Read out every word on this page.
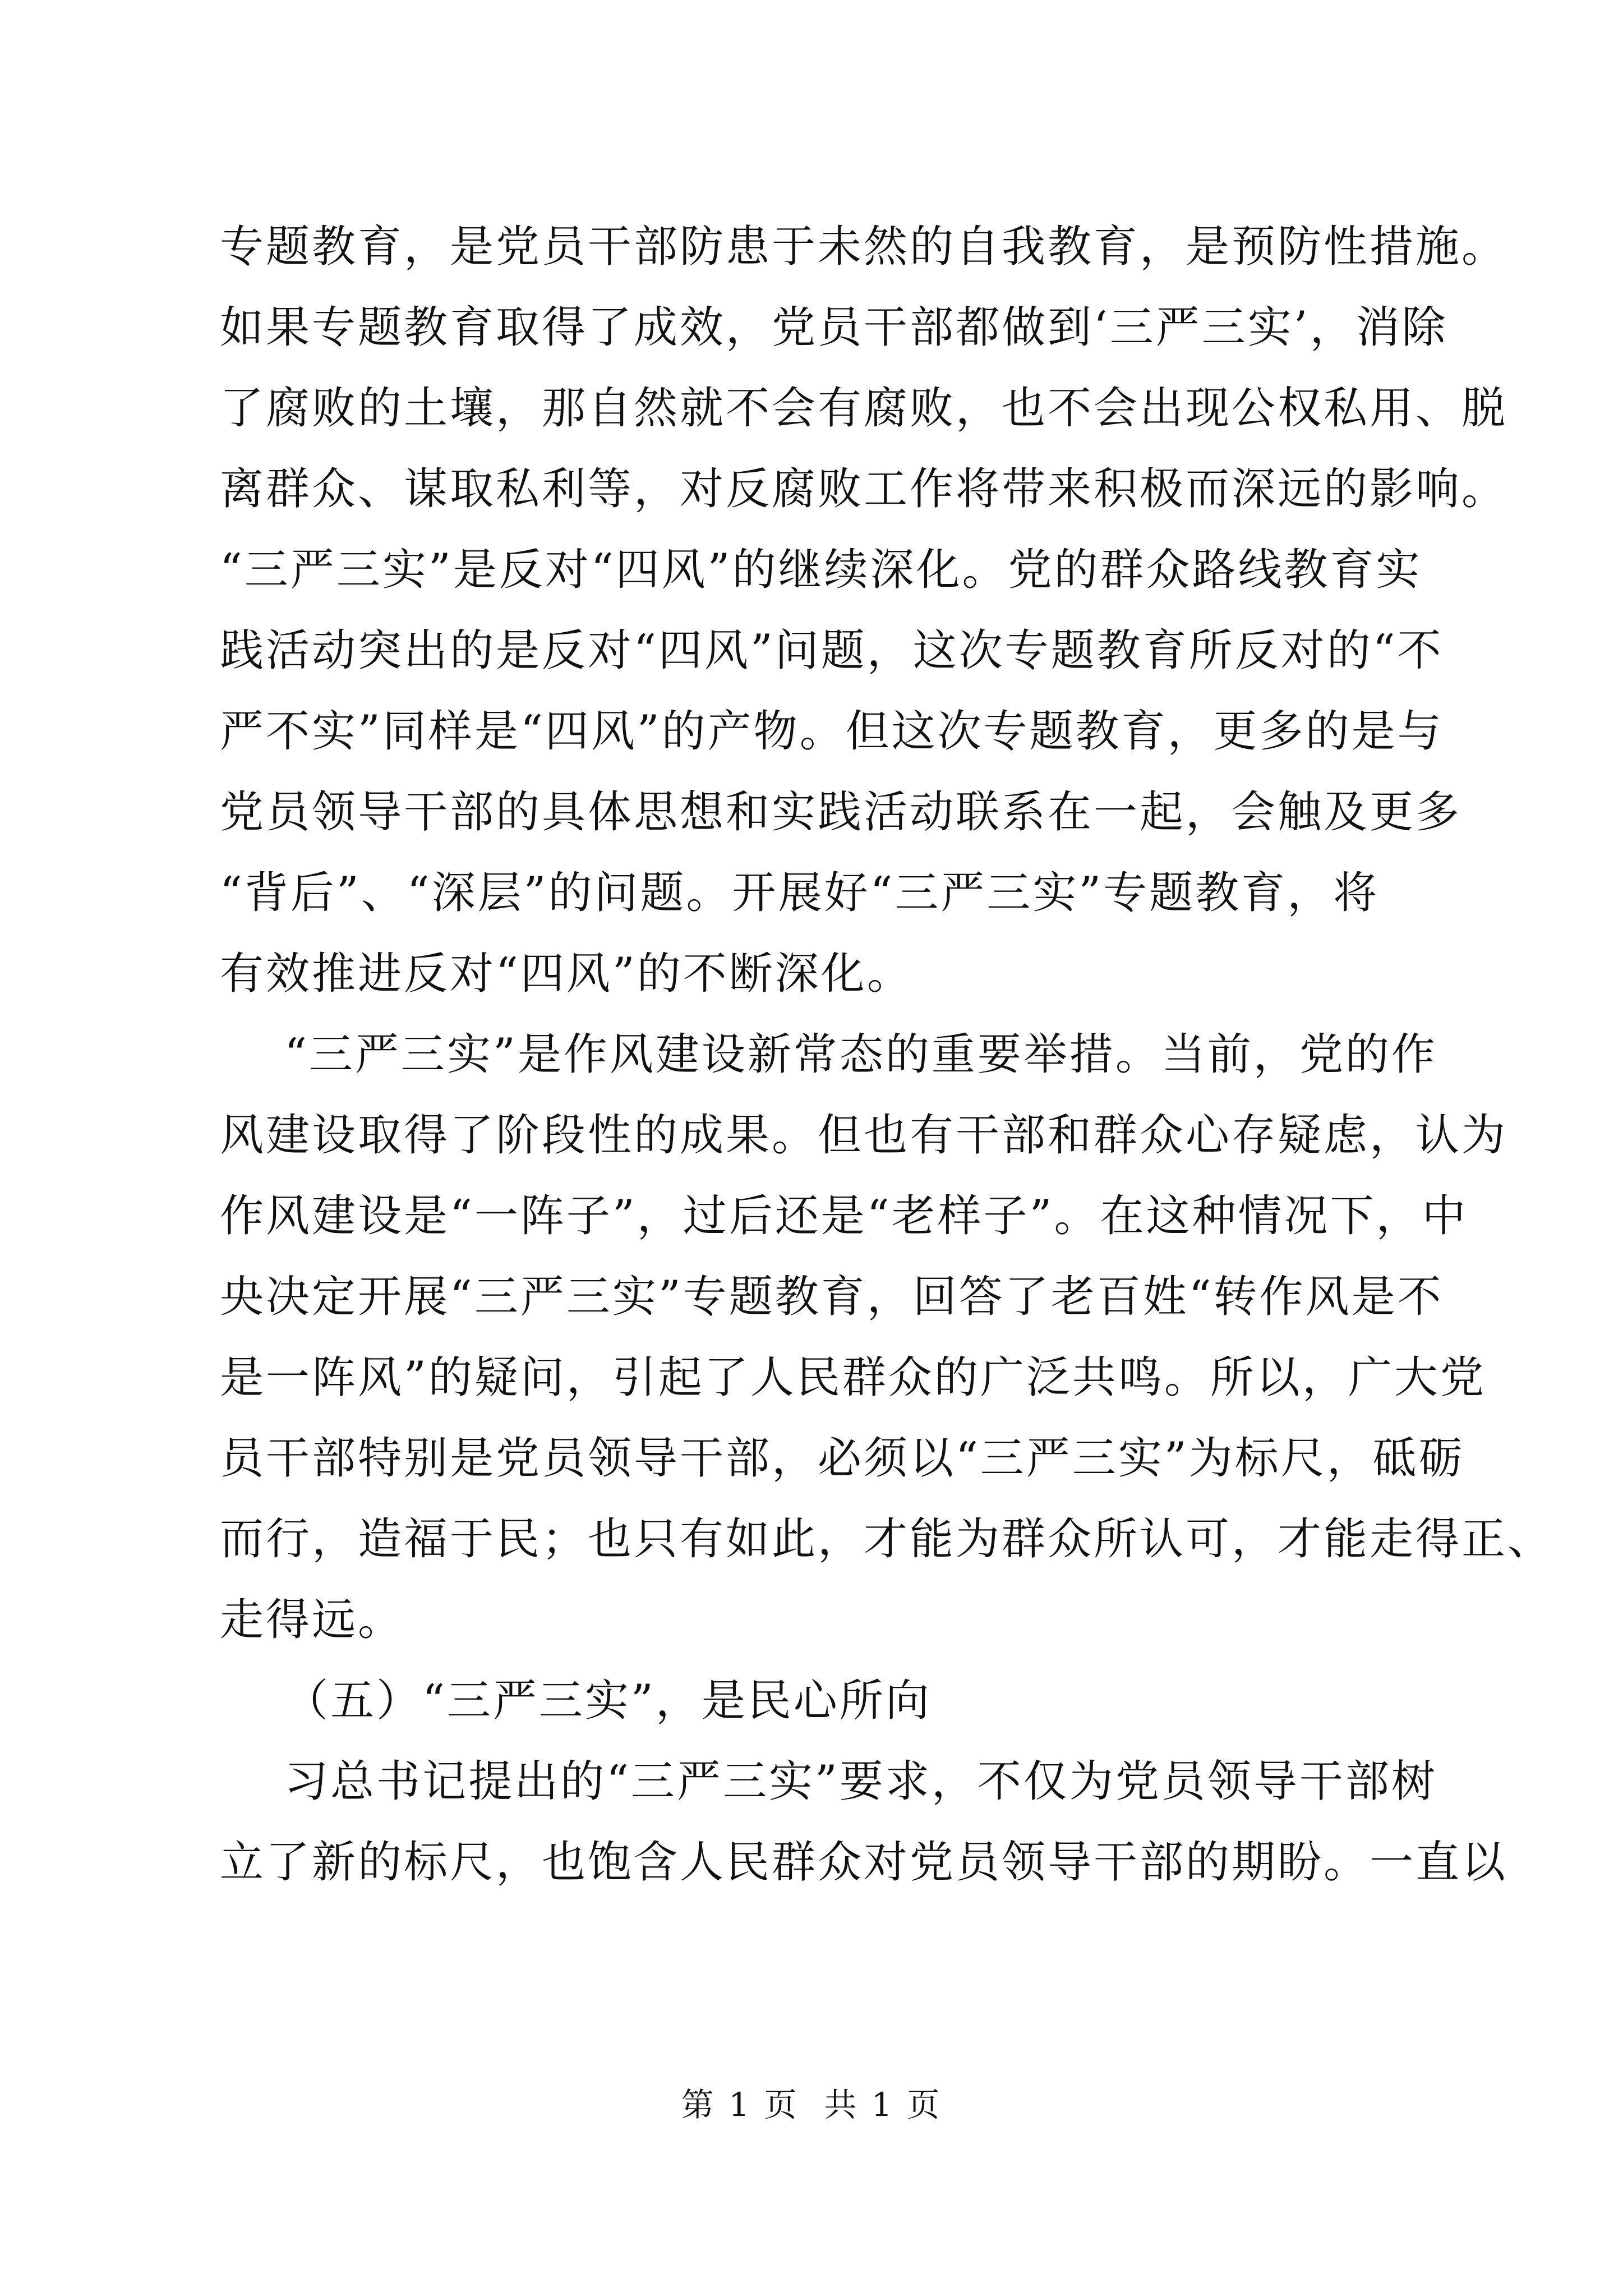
专题教育，是党员干部防患于未然的自我教育，是预防性措施。
如果专题教育取得了成效，党员干部都做到‘三严三实’，消除
了腐败的土壤，那自然就不会有腐败，也不会出现公权私用、脱
离群众、谋取私利等，对反腐败工作将带来积极而深远的影响。
“三严三实”是反对“四风”的继续深化。党的群众路线教育实
践活动突出的是反对“四风”问题，这次专题教育所反对的“不
严不实”同样是“四风”的产物。但这次专题教育，更多的是与
党员领导干部的具体思想和实践活动联系在一起，会触及更多
“背后”、“深层”的问题。开展好“三严三实”专题教育，将
有效推进反对“四风”的不断深化。
“三严三实”是作风建设新常态的重要举措。当前，党的作
风建设取得了阶段性的成果。但也有干部和群众心存疑虑，认为
作风建设是“一阵子”，过后还是“老样子”。在这种情况下，中
央决定开展“三严三实”专题教育，回答了老百姓“转作风是不
是一阵风”的疑问，引起了人民群众的广泛共鸣。所以，广大党
员干部特别是党员领导干部，必须以“三严三实”为标尺，砥砺
而行，造福于民；也只有如此，才能为群众所认可，才能走得正、
走得远。
（五）“三严三实”，是民心所向
习总书记提出的“三严三实”要求，不仅为党员领导干部树
立了新的标尺，也饱含人民群众对党员领导干部的期盼。一直以
第 1 页  共 1 页
